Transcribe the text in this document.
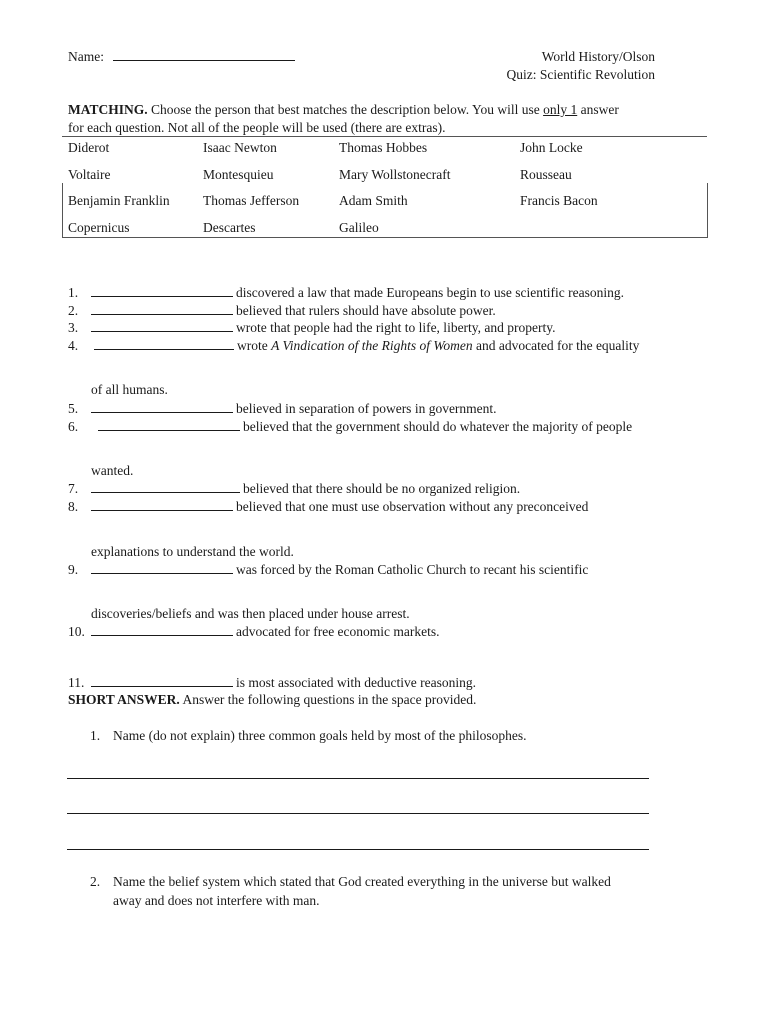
Name:	World History/Olson
Quiz: Scientific Revolution
MATCHING. Choose the person that best matches the description below. You will use only 1 answer
for each question. Not all of the people will be used (there are extras).
Diderot	Isaac Newton	Thomas Hobbes	John Locke
Voltaire	Montesquieu	Mary Wollstonecraft	Rousseau
Benjamin Franklin	Thomas Jefferson	Adam Smith	Francis Bacon
Copernicus	Descartes	Galileo
1.	discovered a law that made Europeans begin to use scientific reasoning.
2.	believed that rulers should have absolute power.
3.	wrote that people had the right to life, liberty, and property.
4.	wrote A Vindication of the Rights of Women and advocated for the equality
of all humans.
5.	believed in separation of powers in government.
6.	believed that the government should do whatever the majority of people
wanted.
7.	believed that there should be no organized religion.
8.	believed that one must use observation without any preconceived
explanations to understand the world.
9.	was forced by the Roman Catholic Church to recant his scientific
discoveries/beliefs and was then placed under house arrest.
10.	advocated for free economic markets.
11.	is most associated with deductive reasoning.
SHORT ANSWER. Answer the following questions in the space provided.
1. Name (do not explain) three common goals held by most of the philosophes.
2. Name the belief system which stated that God created everything in the universe but walked
away and does not interfere with man.
